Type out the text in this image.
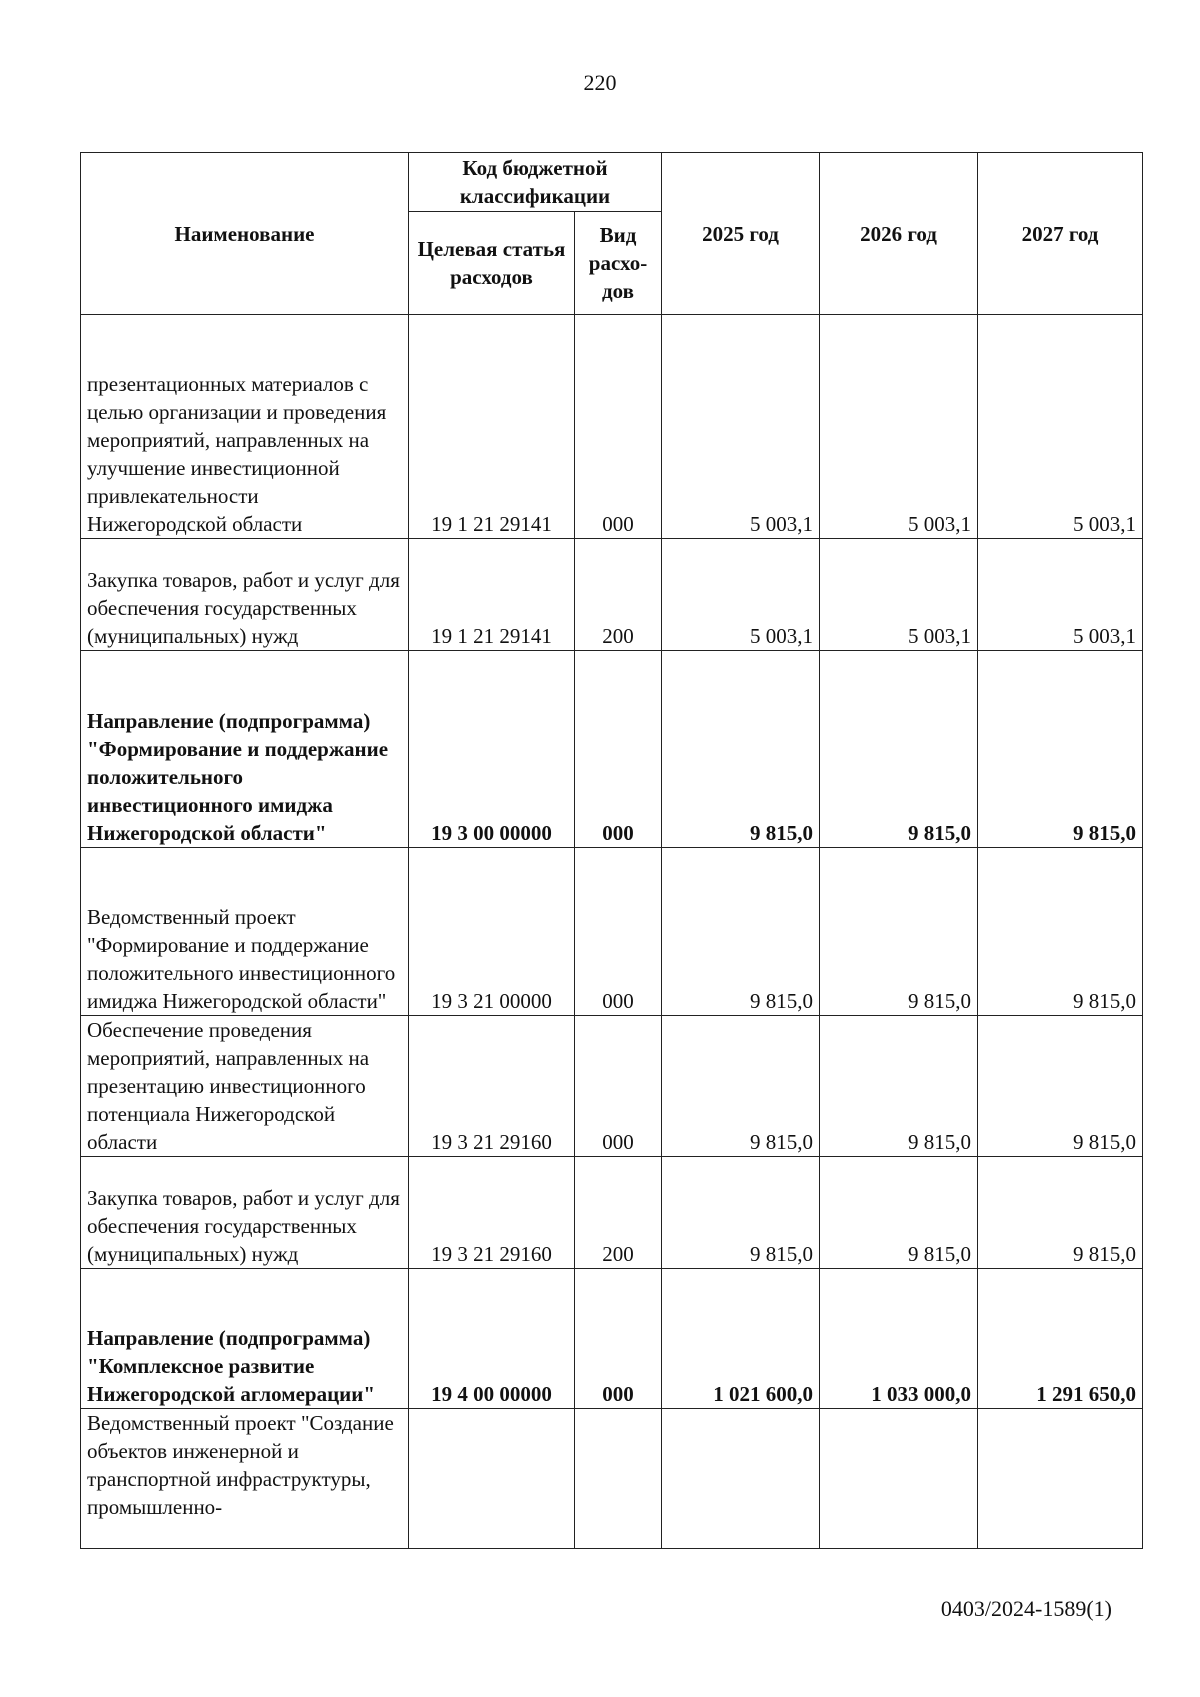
220
Наименование	Код бюджетной классификации		2025 год	2026 год	2027 год
	Целевая статья расходов	Вид расхо-дов			
презентационных материалов с целью организации и проведения мероприятий, направленных на улучшение инвестиционной привлекательности Нижегородской области	19 1 21 29141	000	5 003,1	5 003,1	5 003,1
Закупка товаров, работ и услуг для обеспечения государственных (муниципальных) нужд	19 1 21 29141	200	5 003,1	5 003,1	5 003,1
Направление (подпрограмма) "Формирование и поддержание положительного инвестиционного имиджа Нижегородской области"	19 3 00 00000	000	9 815,0	9 815,0	9 815,0
Ведомственный проект "Формирование и поддержание положительного инвестиционного имиджа Нижегородской области"	19 3 21 00000	000	9 815,0	9 815,0	9 815,0
Обеспечение проведения мероприятий, направленных на презентацию инвестиционного потенциала Нижегородской области	19 3 21 29160	000	9 815,0	9 815,0	9 815,0
Закупка товаров, работ и услуг для обеспечения государственных (муниципальных) нужд	19 3 21 29160	200	9 815,0	9 815,0	9 815,0
Направление (подпрограмма) "Комплексное развитие Нижегородской агломерации"	19 4 00 00000	000	1 021 600,0	1 033 000,0	1 291 650,0
Ведомственный проект "Создание объектов инженерной и транспортной инфраструктуры, промышленно-					
0403/2024-1589(1)
